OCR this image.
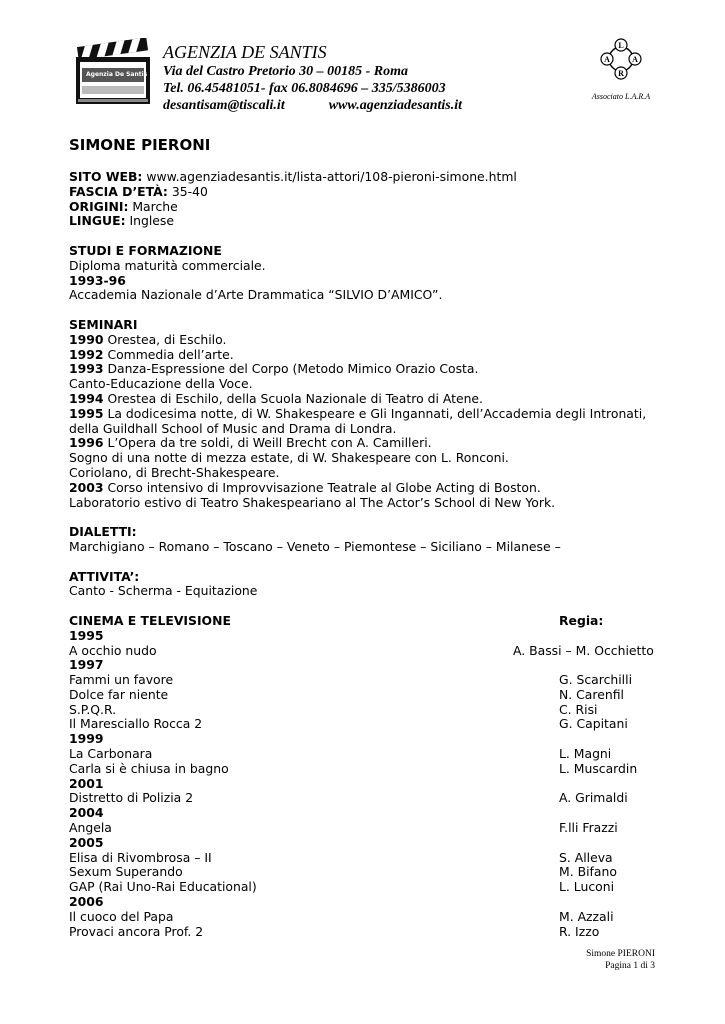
Agenzia De Santis
AGENZIA DE SANTIS
Via del Castro Pretorio 30 – 00185 - Roma
Tel. 06.45481051- fax 06.8084696 – 335/5386003
desantisam@tiscali.it	www.agenziadesantis.it
L
A
R
A
Associato L.A.R.A
SIMONE PIERONI
SITO WEB: www.agenziadesantis.it/lista-attori/108-pieroni-simone.html
FASCIA D’ETÀ: 35-40
ORIGINI: Marche
LINGUE: Inglese
STUDI E FORMAZIONE
Diploma maturità commerciale.
1993-96
Accademia Nazionale d’Arte Drammatica “SILVIO D’AMICO”.
SEMINARI
1990 Orestea, di Eschilo.
1992 Commedia dell’arte.
1993 Danza-Espressione del Corpo (Metodo Mimico Orazio Costa.
Canto-Educazione della Voce.
1994 Orestea di Eschilo, della Scuola Nazionale di Teatro di Atene.
1995 La dodicesima notte, di W. Shakespeare e Gli Ingannati, dell’Accademia degli Intronati,
della Guildhall School of Music and Drama di Londra.
1996 L’Opera da tre soldi, di Weill Brecht con A. Camilleri.
Sogno di una notte di mezza estate, di W. Shakespeare con L. Ronconi.
Coriolano, di Brecht-Shakespeare.
2003 Corso intensivo di Improvvisazione Teatrale al Globe Acting di Boston.
Laboratorio estivo di Teatro Shakespeariano al The Actor’s School di New York.
DIALETTI:
Marchigiano – Romano – Toscano – Veneto – Piemontese – Siciliano – Milanese –
ATTIVITA’:
Canto - Scherma - Equitazione
CINEMA E TELEVISIONE	Regia:
1995
A occhio nudo	A. Bassi – M. Occhietto
1997
Fammi un favore	G. Scarchilli
Dolce far niente	N. Carenfil
S.P.Q.R.	C. Risi
Il Maresciallo Rocca 2	G. Capitani
1999
La Carbonara	L. Magni
Carla si è chiusa in bagno	L. Muscardin
2001
Distretto di Polizia 2	A. Grimaldi
2004
Angela	F.lli Frazzi
2005
Elisa di Rivombrosa – II	S. Alleva
Sexum Superando	M. Bifano
GAP (Rai Uno-Rai Educational)	L. Luconi
2006
Il cuoco del Papa	M. Azzali
Provaci ancora Prof. 2	R. Izzo
Simone PIERONI
Pagina 1 di 3
